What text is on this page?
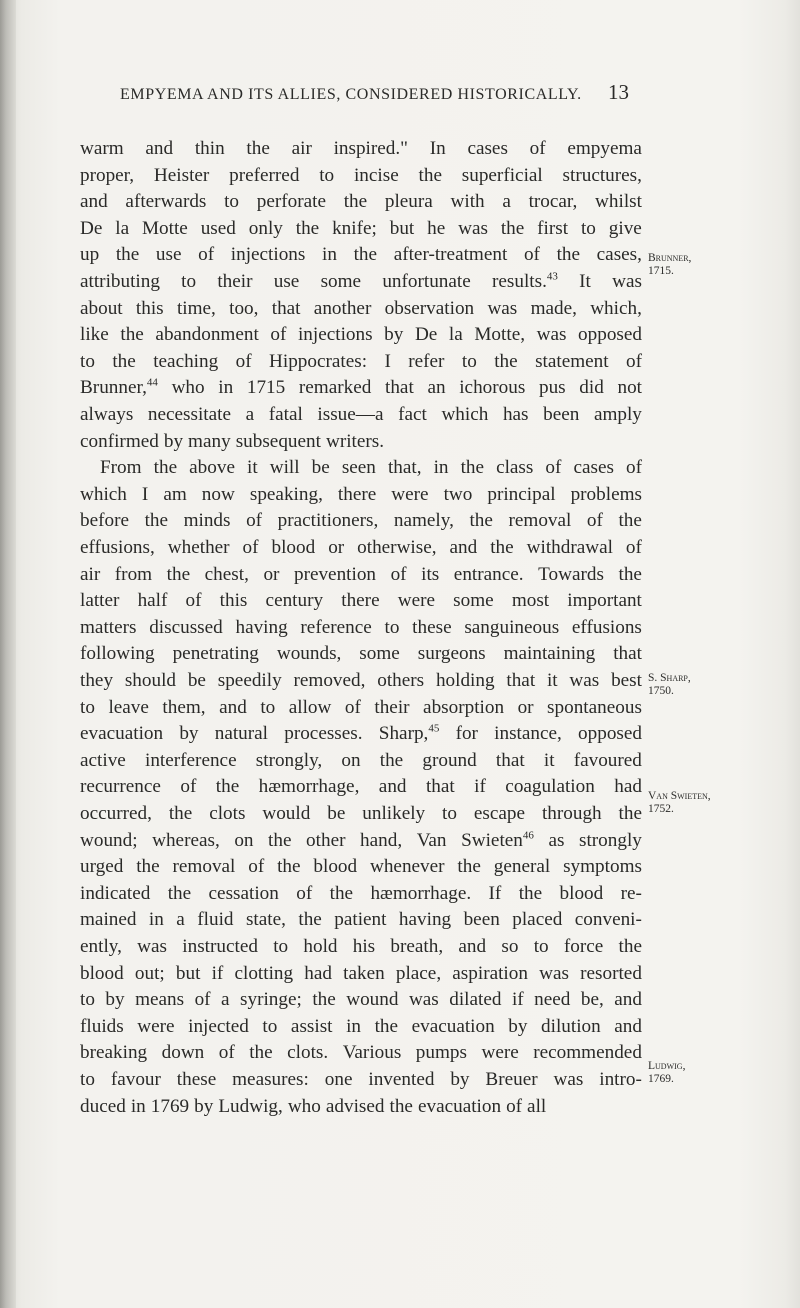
EMPYEMA AND ITS ALLIES, CONSIDERED HISTORICALLY. 13
warm and thin the air inspired." In cases of empyema
proper, Heister preferred to incise the superficial structures,
and afterwards to perforate the pleura with a trocar, whilst
De la Motte used only the knife; but he was the first to give
up the use of injections in the after-treatment of the cases,
attributing to their use some unfortunate results.$^{43}$ It was
about this time, too, that another observation was made, which,
like the abandonment of injections by De la Motte, was opposed
to the teaching of Hippocrates: I refer to the statement of
Brunner,$^{44}$ who in 1715 remarked that an ichorous pus did not
always necessitate a fatal issue—a fact which has been amply
confirmed by many subsequent writers.
From the above it will be seen that, in the class of cases of
which I am now speaking, there were two principal problems
before the minds of practitioners, namely, the removal of the
effusions, whether of blood or otherwise, and the withdrawal of
air from the chest, or prevention of its entrance. Towards the
latter half of this century there were some most important
matters discussed having reference to these sanguineous effusions
following penetrating wounds, some surgeons maintaining that
they should be speedily removed, others holding that it was best
to leave them, and to allow of their absorption or spontaneous
evacuation by natural processes. Sharp,$^{45}$ for instance, opposed
active interference strongly, on the ground that it favoured
recurrence of the hæmorrhage, and that if coagulation had
occurred, the clots would be unlikely to escape through the
wound; whereas, on the other hand, Van Swieten$^{46}$ as strongly
urged the removal of the blood whenever the general symptoms
indicated the cessation of the hæmorrhage. If the blood re-
mained in a fluid state, the patient having been placed conveni-
ently, was instructed to hold his breath, and so to force the
blood out; but if clotting had taken place, aspiration was resorted
to by means of a syringe; the wound was dilated if need be, and
fluids were injected to assist in the evacuation by dilution and
breaking down of the clots. Various pumps were recommended
to favour these measures: one invented by Breuer was intro-
duced in 1769 by Ludwig, who advised the evacuation of all
Brunner,
1715.
S. Sharp,
1750.
Van Swieten,
1752.
Ludwig,
1769.
